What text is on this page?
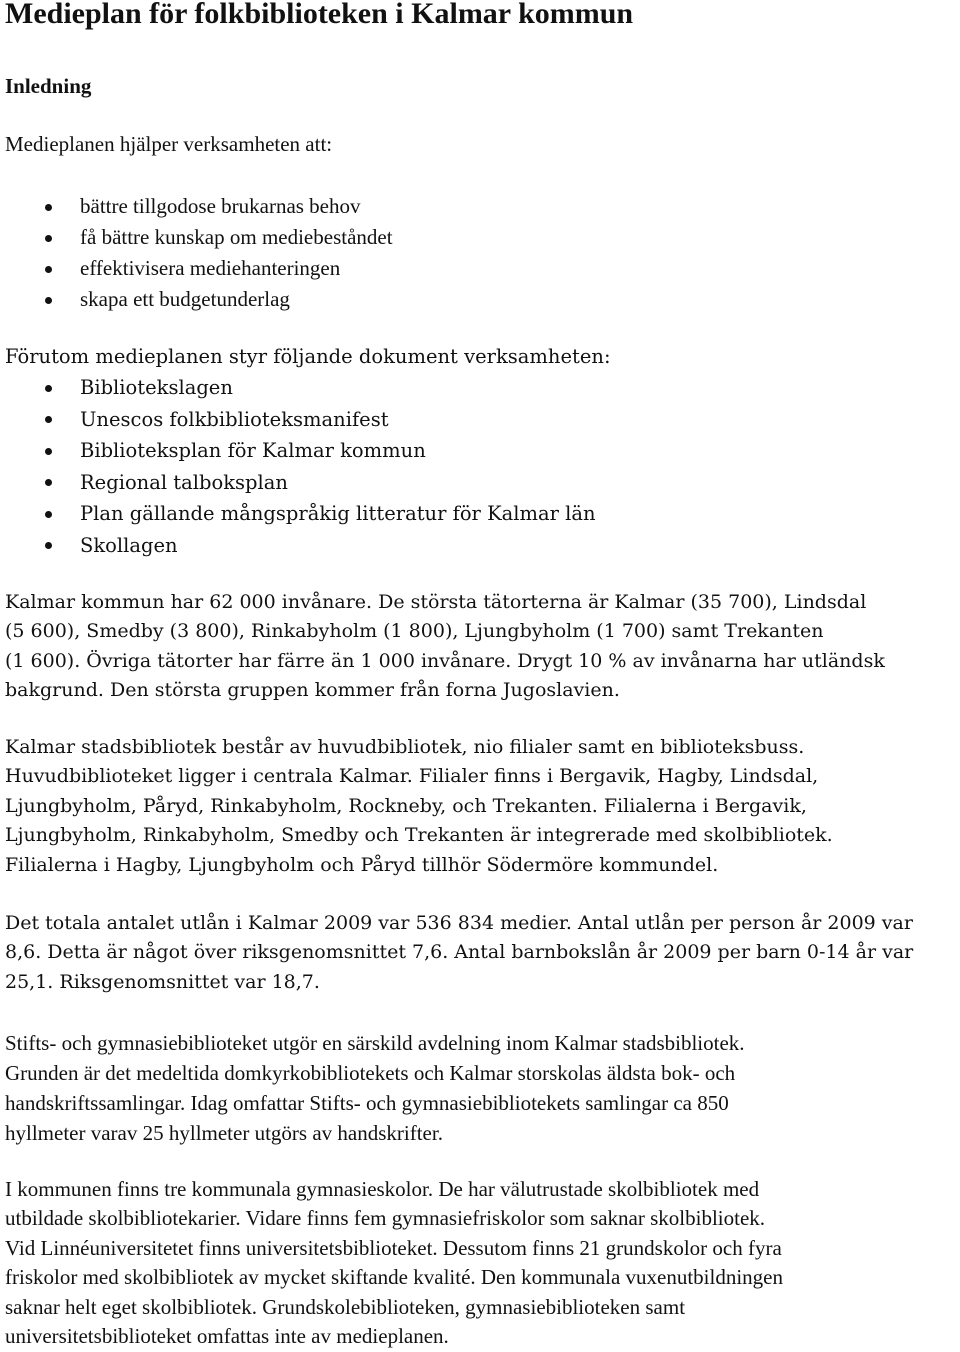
Medieplan för folkbiblioteken i Kalmar kommun
Inledning

Medieplanen hjälper verksamheten att:

bättre tillgodose brukarnas behov
få bättre kunskap om mediebeståndet
effektivisera mediehanteringen
skapa ett budgetunderlag

Förutom medieplanen styr följande dokument verksamheten:

Bibliotekslagen
Unescos folkbiblioteksmanifest
Biblioteksplan för Kalmar kommun
Regional talboksplan
Plan gällande mångspråkig litteratur för Kalmar län
Skollagen

Kalmar kommun har 62 000 invånare. De största tätorterna är Kalmar (35 700), Lindsdal
(5 600), Smedby (3 800), Rinkabyholm (1 800), Ljungbyholm (1 700) samt Trekanten
(1 600). Övriga tätorter har färre än 1 000 invånare. Drygt 10 % av invånarna har utländsk
bakgrund. Den största gruppen kommer från forna Jugoslavien.

Kalmar stadsbibliotek består av huvudbibliotek, nio filialer samt en biblioteksbuss.
Huvudbiblioteket ligger i centrala Kalmar. Filialer finns i Bergavik, Hagby, Lindsdal,
Ljungbyholm, Påryd, Rinkabyholm, Rockneby, och Trekanten. Filialerna i Bergavik,
Ljungbyholm, Rinkabyholm, Smedby och Trekanten är integrerade med skolbibliotek.
Filialerna i Hagby, Ljungbyholm och Påryd tillhör Södermöre kommundel.

Det totala antalet utlån i Kalmar 2009 var 536 834 medier. Antal utlån per person år 2009 var
8,6. Detta är något över riksgenomsnittet 7,6. Antal barnbokslån år 2009 per barn 0-14 år var
25,1. Riksgenomsnittet var 18,7.

Stifts- och gymnasiebiblioteket utgör en särskild avdelning inom Kalmar stadsbibliotek.
Grunden är det medeltida domkyrkobibliotekets och Kalmar storskolas äldsta bok- och
handskriftssamlingar. Idag omfattar Stifts- och gymnasiebibliotekets samlingar ca 850
hyllmeter varav 25 hyllmeter utgörs av handskrifter.

I kommunen finns tre kommunala gymnasieskolor. De har välutrustade skolbibliotek med
utbildade skolbibliotekarier. Vidare finns fem gymnasiefriskolor som saknar skolbibliotek.
Vid Linnéuniversitetet finns universitetsbiblioteket. Dessutom finns 21 grundskolor och fyra
friskolor med skolbibliotek av mycket skiftande kvalité. Den kommunala vuxenutbildningen
saknar helt eget skolbibliotek. Grundskolebiblioteken, gymnasiebiblioteken samt
universitetsbiblioteket omfattas inte av medieplanen.
